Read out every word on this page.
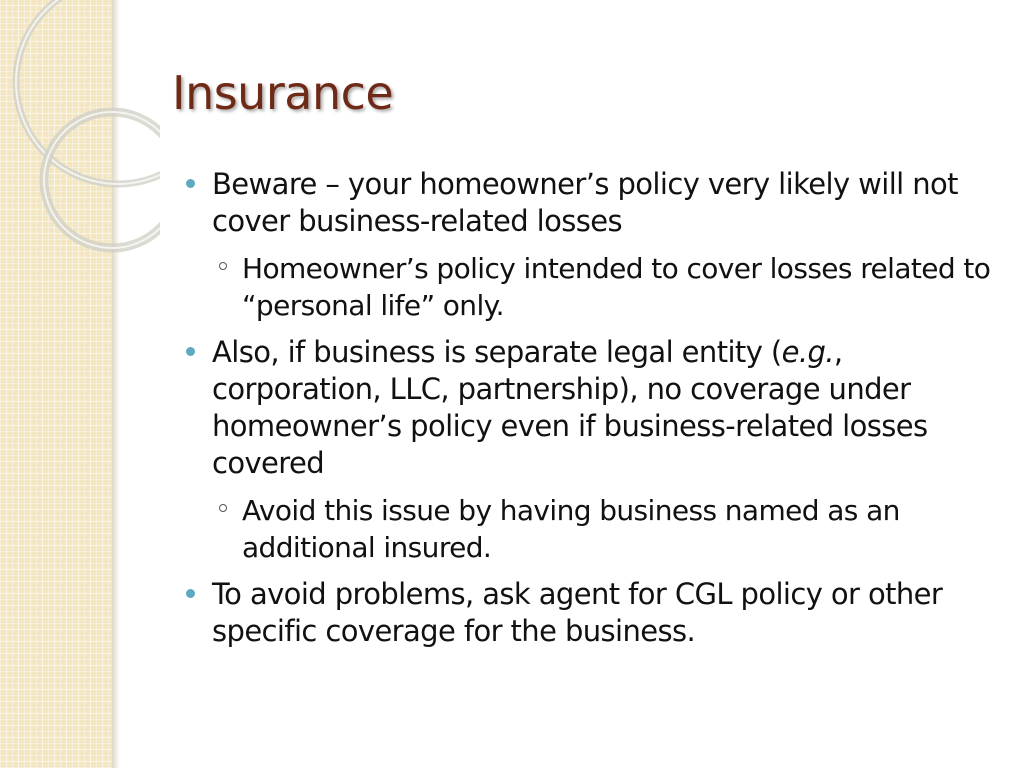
Insurance
Beware – your homeowner’s policy very likely will not cover business-related losses
Homeowner’s policy intended to cover losses related to “personal life” only.
Also, if business is separate legal entity (e.g., corporation, LLC, partnership), no coverage under homeowner’s policy even if business-related losses covered
Avoid this issue by having business named as an additional insured.
To avoid problems, ask agent for CGL policy or other specific coverage for the business.
